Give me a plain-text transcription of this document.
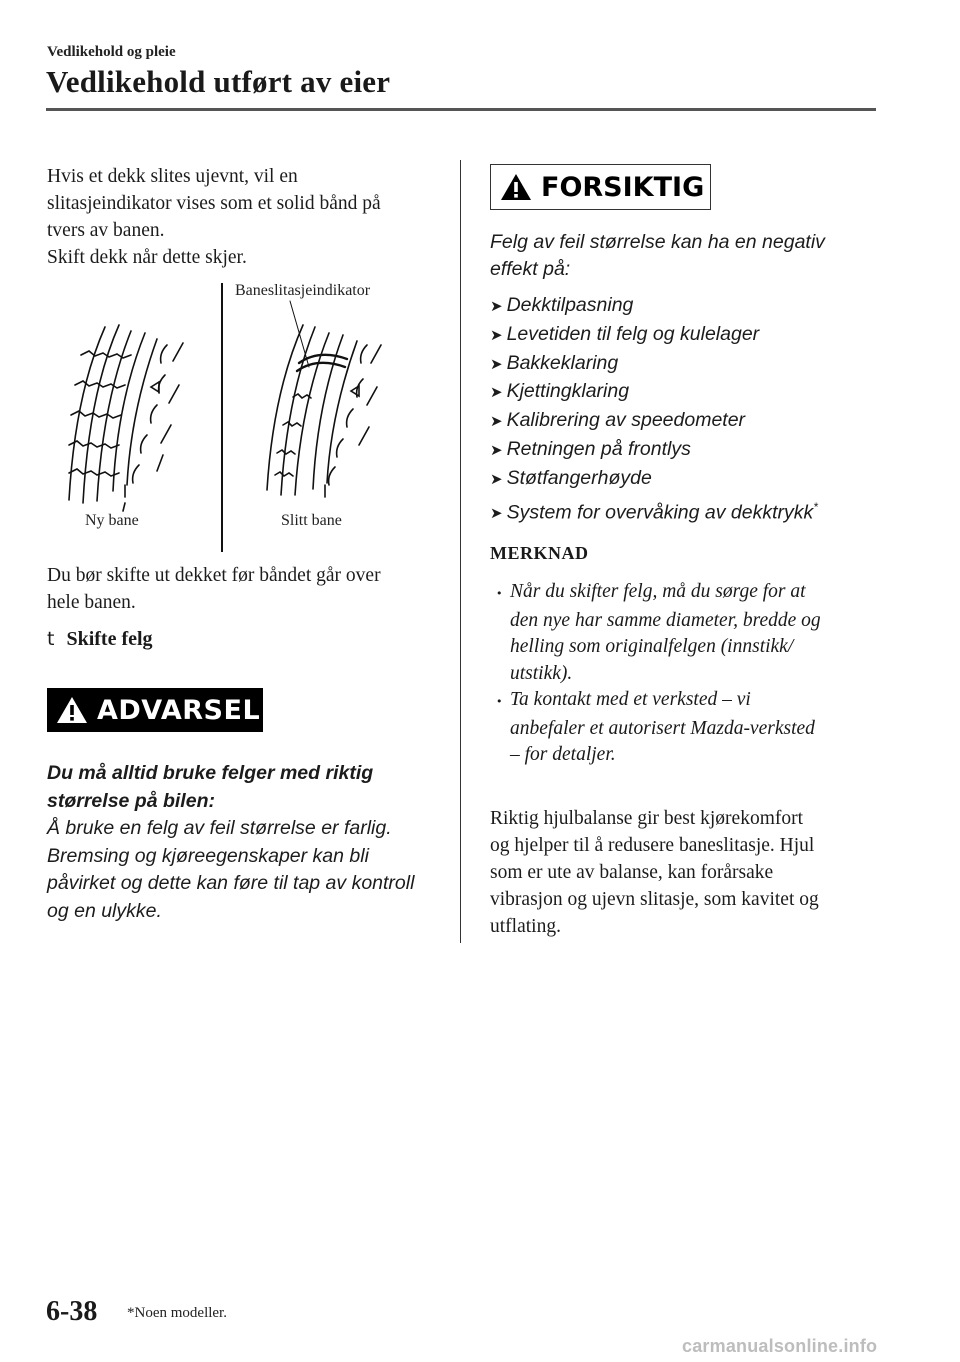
Vedlikehold og pleie
Vedlikehold utført av eier
Hvis et dekk slites ujevnt, vil en
slitasjeindikator vises som et solid bånd på
tvers av banen.
Skift dekk når dette skjer.
Baneslitasjeindikator
Ny bane	Slitt bane
Du bør skifte ut dekket før båndet går over
hele banen.
t Skifte felg
ADVARSEL
Du må alltid bruke felger med riktig
størrelse på bilen:
Å bruke en felg av feil størrelse er farlig.
Bremsing og kjøreegenskaper kan bli
påvirket og dette kan føre til tap av kontroll
og en ulykke.
FORSIKTIG
Felg av feil størrelse kan ha en negativ
effekt på:
➤ Dekktilpasning
➤ Levetiden til felg og kulelager
➤ Bakkeklaring
➤ Kjettingklaring
➤ Kalibrering av speedometer
➤ Retningen på frontlys
➤ Støtfangerhøyde
➤ System for overvåking av dekktrykk*
MERKNAD
• Når du skifter felg, må du sørge for at
den nye har samme diameter, bredde og
helling som originalfelgen (innstikk/
utstikk).
• Ta kontakt med et verksted – vi
anbefaler et autorisert Mazda-verksted
– for detaljer.
Riktig hjulbalanse gir best kjørekomfort
og hjelper til å redusere baneslitasje. Hjul
som er ute av balanse, kan forårsake
vibrasjon og ujevn slitasje, som kavitet og
utflating.
6-38 *Noen modeller.
carmanualsonline.info
